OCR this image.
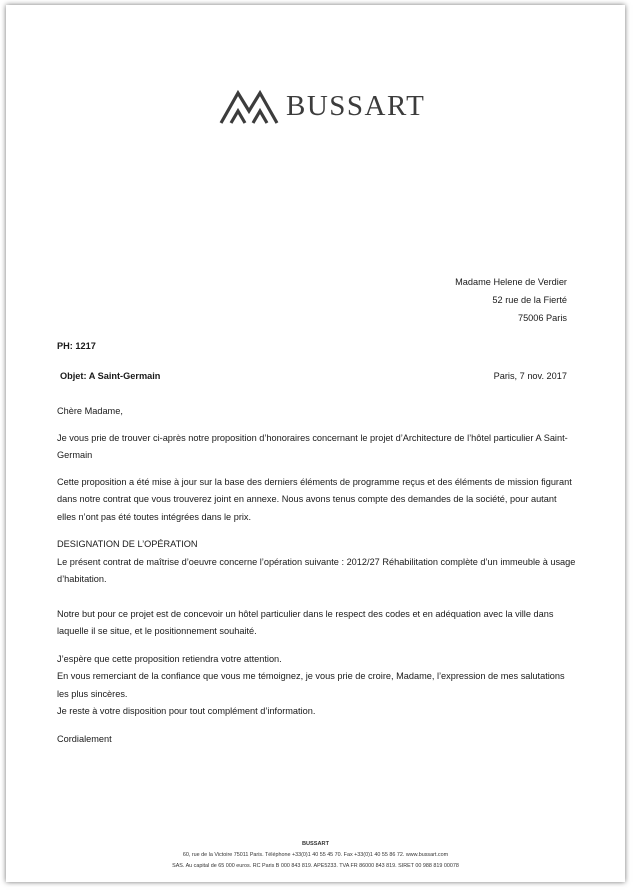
BUSSART
Madame Helene de Verdier
52 rue de la Fierté
75006 Paris
PH: 1217
Objet: A Saint-Germain	Paris, 7 nov. 2017

Chère Madame,

Je vous prie de trouver ci-après notre proposition d’honoraires concernant le projet d’Architecture de l’hôtel particulier A Saint-Germain

Cette proposition a été mise à jour sur la base des derniers éléments de programme reçus et des éléments de mission figurant dans notre contrat que vous trouverez joint en annexe. Nous avons tenus compte des demandes de la société, pour autant elles n’ont pas été toutes intégrées dans le prix.

DESIGNATION DE L’OPÉRATION

Le présent contrat de maîtrise d’oeuvre concerne l’opération suivante : 2012/27 Réhabilitation complète d’un immeuble à usage d’habitation.

Notre but pour ce projet est de concevoir un hôtel particulier dans le respect des codes et en adéquation avec la ville dans laquelle il se situe, et le positionnement souhaité.

J’espère que cette proposition retiendra votre attention.

En vous remerciant de la confiance que vous me témoignez, je vous prie de croire, Madame, l’expression de mes salutations les plus sincères.

Je reste à votre disposition pour tout complément d’information.

Cordialement

BUSSART
60, rue de la Victoire 75011 Paris. Téléphone +33(0)1 40 55 45 70. Fax +33(0)1 40 55 86 72. www.bussart.com
SAS. Au capital de 65 000 euros. RC Paris B 000 843 819. APE5233. TVA FR 86000 843 819. SIRET 00 988 819 00078
